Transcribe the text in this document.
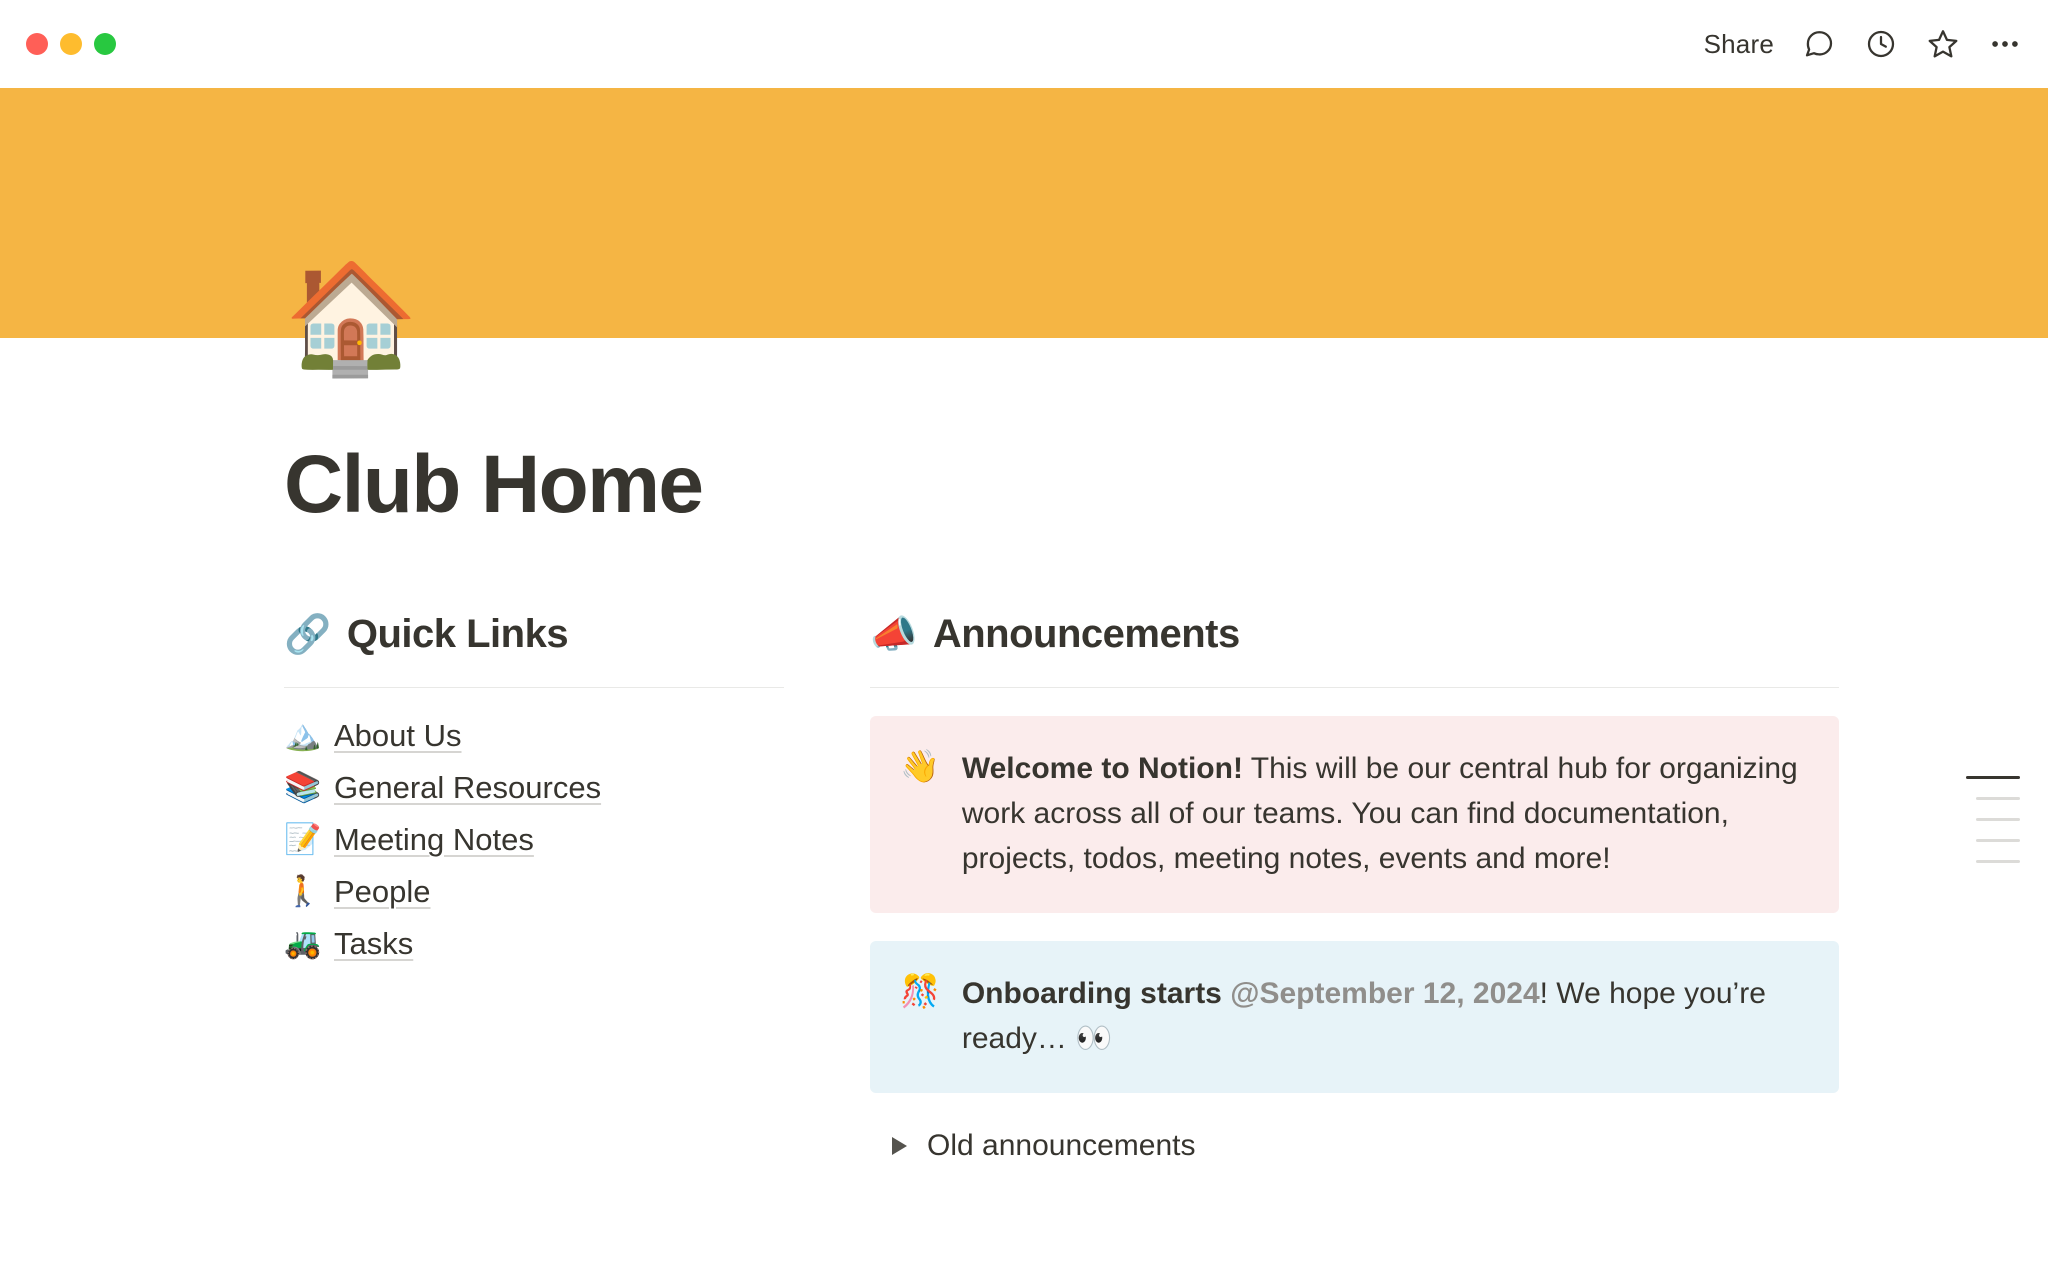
Share
🏠
Club Home
🔗 Quick Links
🏔️ About Us
📚 General Resources
📝 Meeting Notes
🚶 People
🚜 Tasks
📣 Announcements
👋 Welcome to Notion! This will be our central hub for organizing work across all of our teams. You can find documentation, projects, todos, meeting notes, events and more!
🎊 Onboarding starts @September 12, 2024! We hope you’re ready… 👀
Old announcements
